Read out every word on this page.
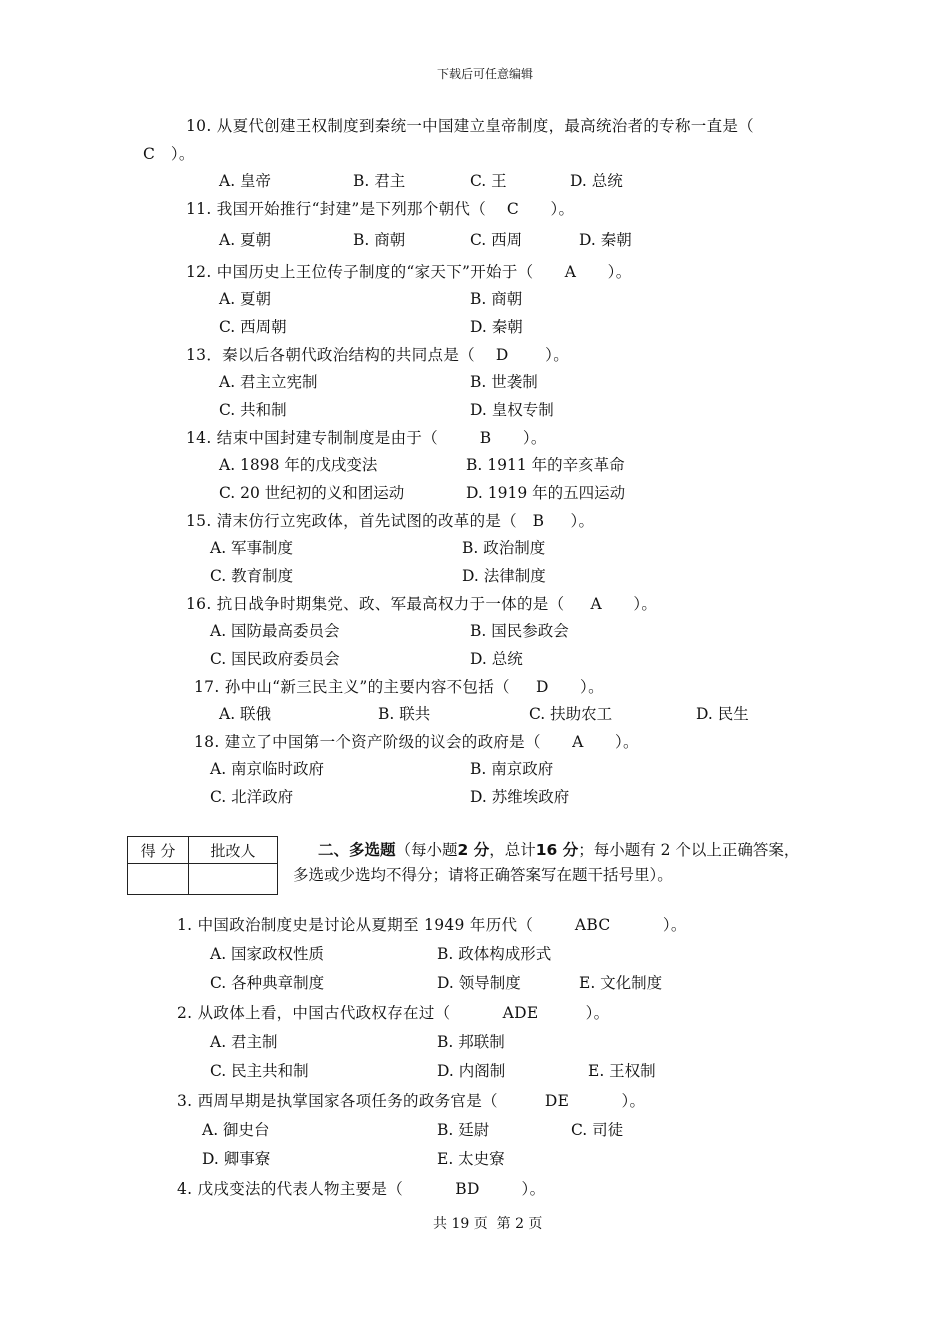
下载后可任意编辑
10. 从夏代创建王权制度到秦统一中国建立皇帝制度，最高统治者的专称一直是（
C   ）。
A. 皇帝	B. 君主	C. 王	D. 总统
11. 我国开始推行“封建”是下列那个朝代（    C      ）。
A. 夏朝	B. 商朝	C. 西周	D. 秦朝
12. 中国历史上王位传子制度的“家天下”开始于（      A      ）。
A. 夏朝	B. 商朝
C. 西周朝	D. 秦朝
13．秦以后各朝代政治结构的共同点是（    D       ）。
A. 君主立宪制	B. 世袭制
C. 共和制	D. 皇权专制
14. 结束中国封建专制制度是由于（        B      ）。
A. 1898 年的戊戌变法	B. 1911 年的辛亥革命
C. 20 世纪初的义和团运动	D. 1919 年的五四运动
15. 清末仿行立宪政体，首先试图的改革的是（   B     ）。
A. 军事制度	B. 政治制度
C. 教育制度	D. 法律制度
16. 抗日战争时期集党、政、军最高权力于一体的是（     A      ）。
A. 国防最高委员会	B. 国民参政会
C. 国民政府委员会	D. 总统
17. 孙中山“新三民主义”的主要内容不包括（     D      ）。
A. 联俄	B. 联共	C. 扶助农工	D. 民生
18. 建立了中国第一个资产阶级的议会的政府是（      A      ）。
A. 南京临时政府	B. 南京政府
C. 北洋政府	D. 苏维埃政府
得 分	批改人
		二、多选题（每小题2 分，总计16 分；每小题有 2 个以上正确答案，
多选或少选均不得分；请将正确答案写在题干括号里）。
1. 中国政治制度史是讨论从夏期至 1949 年历代（        ABC          ）。
A. 国家政权性质	B. 政体构成形式
C. 各种典章制度	D. 领导制度	E. 文化制度
2. 从政体上看，中国古代政权存在过（          ADE         ）。
A. 君主制	B. 邦联制
C. 民主共和制	D. 内阁制	E. 王权制
3. 西周早期是执掌国家各项任务的政务官是（         DE          ）。
A. 御史台	B. 廷尉	C. 司徒
D. 卿事寮	E. 太史寮
4. 戊戌变法的代表人物主要是（          BD        ）。
共 19 页  第 2 页
